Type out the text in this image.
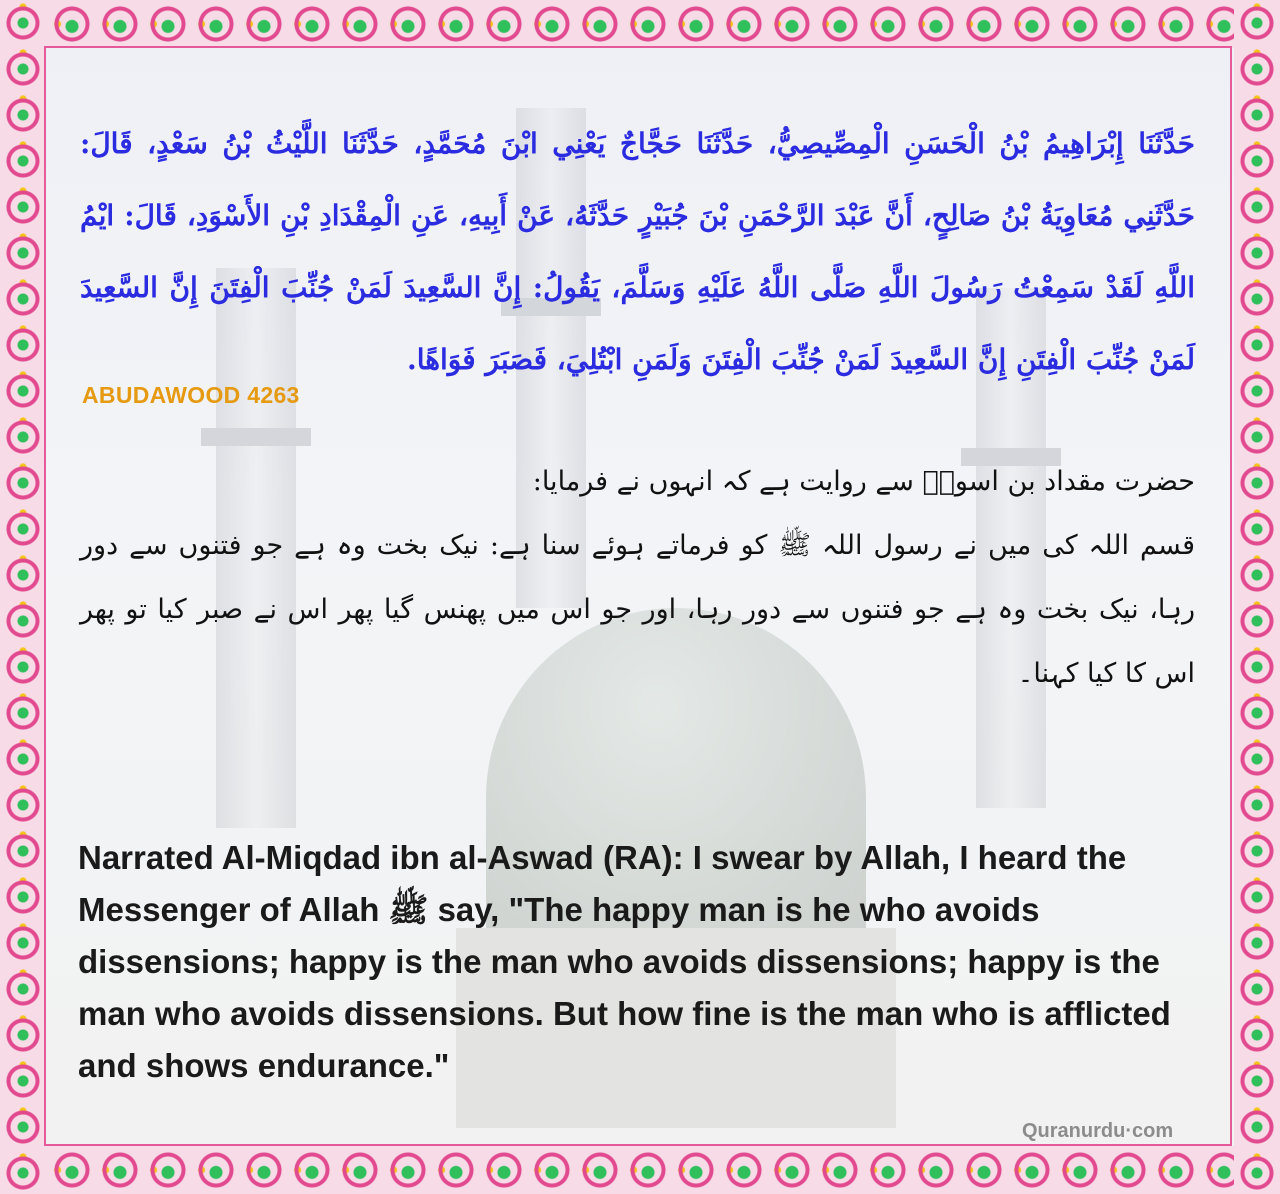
حَدَّثَنَا إِبْرَاهِيمُ بْنُ الْحَسَنِ الْمِصِّيصِيُّ، حَدَّثَنَا حَجَّاجٌ يَعْنِي ابْنَ مُحَمَّدٍ، حَدَّثَنَا اللَّيْثُ بْنُ سَعْدٍ، قَالَ: حَدَّثَنِي مُعَاوِيَةُ بْنُ صَالِحٍ، أَنَّ عَبْدَ الرَّحْمَنِ بْنَ جُبَيْرٍ حَدَّثَهُ، عَنْ أَبِيهِ، عَنِ الْمِقْدَادِ بْنِ الأَسْوَدِ، قَالَ: ايْمُ اللَّهِ لَقَدْ سَمِعْتُ رَسُولَ اللَّهِ صَلَّى اللَّهُ عَلَيْهِ وَسَلَّمَ، يَقُولُ: إِنَّ السَّعِيدَ لَمَنْ جُنِّبَ الْفِتَنَ إِنَّ السَّعِيدَ لَمَنْ جُنِّبَ الْفِتَنِ إِنَّ السَّعِيدَ لَمَنْ جُنِّبَ الْفِتَنَ وَلَمَنِ ابْتُلِيَ، فَصَبَرَ فَوَاهًا.
ABUDAWOOD 4263

حضرت مقداد بن اسودؓ سے روایت ہے کہ انہوں نے فرمایا:

قسم اللہ کی میں نے رسول اللہ ﷺ کو فرماتے ہوئے سنا ہے: نیک بخت وہ ہے جو فتنوں سے دور رہا، نیک بخت وہ ہے جو فتنوں سے دور رہا، اور جو اس میں پھنس گیا پھر اس نے صبر کیا تو پھر اس کا کیا کہنا۔

Narrated Al-Miqdad ibn al-Aswad (RA): I swear by Allah, I heard the Messenger of Allah ﷺ say, "The happy man is he who avoids dissensions; happy is the man who avoids dissensions; happy is the man who avoids dissensions. But how fine is the man who is afflicted and shows endurance."
Quranurdu·com
